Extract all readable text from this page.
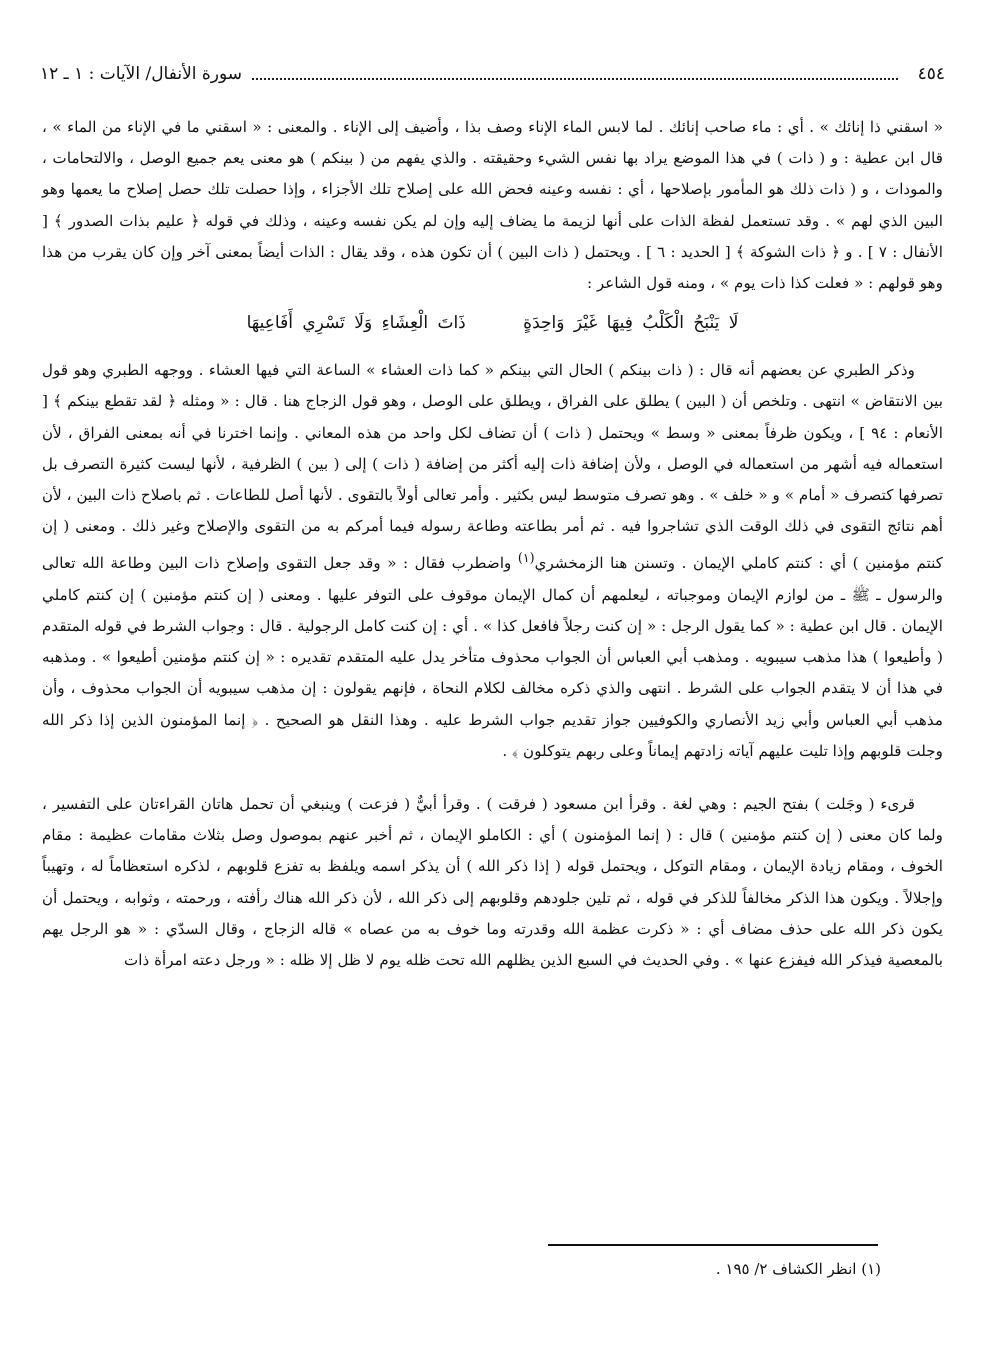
٤٥٤
سورة الأنفال/ الآيات : ١ ـ ١٢

« اسقني ذا إنائك » . أي : ماء صاحب إنائك . لما لابس الماء الإناء وصف بذا ، وأضيف إلى الإناء . والمعنى : « اسقني ما في الإناء من الماء » ، قال ابن عطية : و ( ذات ) في هذا الموضع يراد بها نفس الشيء وحقيقته . والذي يفهم من ( بينكم ) هو معنى يعم جميع الوصل ، والالتحامات ، والمودات ، و ( ذات ذلك هو المأمور بإصلاحها ، أي : نفسه وعينه فحض الله على إصلاح تلك الأجزاء ، وإذا حصلت تلك حصل إصلاح ما يعمها وهو البين الذي لهم » . وقد تستعمل لفظة الذات على أنها لزيمة ما يضاف إليه وإن لم يكن نفسه وعينه ، وذلك في قوله ﴿ عليم بذات الصدور ﴾ [ الأنفال : ٧ ] . و ﴿ ذات الشوكة ﴾ [ الحديد : ٦ ] . ويحتمل ( ذات البين ) أن تكون هذه ، وقد يقال : الذات أيضاً بمعنى آخر وإن كان يقرب من هذا وهو قولهم : « فعلت كذا ذات يوم » ، ومنه قول الشاعر :

لَا يَنْبَحُ الْكَلْبُ فِيهَا غَيْرَ وَاحِدَةٍ ذَاتَ الْعِشَاءِ وَلَا تَسْرِي أَفَاعِيهَا

وذكر الطبري عن بعضهم أنه قال : ( ذات بينكم ) الحال التي بينكم « كما ذات العشاء » الساعة التي فيها العشاء . ووجهه الطبري وهو قول بين الانتقاض » انتهى . وتلخص أن ( البين ) يطلق على الفراق ، ويطلق على الوصل ، وهو قول الزجاج هنا . قال : « ومثله ﴿ لقد تقطع بينكم ﴾ [ الأنعام : ٩٤ ] ، ويكون ظرفاً بمعنى « وسط » ويحتمل ( ذات ) أن تضاف لكل واحد من هذه المعاني . وإنما اخترنا في أنه بمعنى الفراق ، لأن استعماله فيه أشهر من استعماله في الوصل ، ولأن إضافة ذات إليه أكثر من إضافة ( ذات ) إلى ( بين ) الظرفية ، لأنها ليست كثيرة التصرف بل تصرفها كتصرف « أمام » و « خلف » . وهو تصرف متوسط ليس بكثير . وأمر تعالى أولاً بالتقوى . لأنها أصل للطاعات . ثم باصلاح ذات البين ، لأن أهم نتائج التقوى في ذلك الوقت الذي تشاجروا فيه . ثم أمر بطاعته وطاعة رسوله فيما أمركم به من التقوى والإصلاح وغير ذلك . ومعنى ( إن كنتم مؤمنين ) أي : كنتم كاملي الإيمان . وتسنن هنا الزمخشري$^{(١)}$ واضطرب فقال : « وقد جعل التقوى وإصلاح ذات البين وطاعة الله تعالى والرسول ـ ﷺ ـ من لوازم الإيمان وموجباته ، ليعلمهم أن كمال الإيمان موقوف على التوفر عليها . ومعنى ( إن كنتم مؤمنين ) إن كنتم كاملي الإيمان . قال ابن عطية : « كما يقول الرجل : « إن كنت رجلاً فافعل كذا » . أي : إن كنت كامل الرجولية . قال : وجواب الشرط في قوله المتقدم ( وأطيعوا ) هذا مذهب سيبويه . ومذهب أبي العباس أن الجواب محذوف متأخر يدل عليه المتقدم تقديره : « إن كنتم مؤمنين أطيعوا » . ومذهبه في هذا أن لا يتقدم الجواب على الشرط . انتهى والذي ذكره مخالف لكلام النحاة ، فإنهم يقولون : إن مذهب سيبويه أن الجواب محذوف ، وأن مذهب أبي العباس وأبي زيد الأنصاري والكوفيين جواز تقديم جواب الشرط عليه . وهذا النقل هو الصحيح . ﴿ إنما المؤمنون الذين إذا ذكر الله وجلت قلوبهم وإذا تليت عليهم آياته زادتهم إيماناً وعلى ربهم يتوكلون ﴾ .

قرىء ( وجَلت ) بفتح الجيم : وهي لغة . وقرأ ابن مسعود ( فرقت ) . وقرأ أبيٌّ ( فزعت ) وينبغي أن تحمل هاتان القراءتان على التفسير ، ولما كان معنى ( إن كنتم مؤمنين ) قال : ( إنما المؤمنون ) أي : الكاملو الإيمان ، ثم أخبر عنهم بموصول وصل بثلاث مقامات عظيمة : مقام الخوف ، ومقام زيادة الإيمان ، ومقام التوكل ، ويحتمل قوله ( إذا ذكر الله ) أن يذكر اسمه ويلفظ به تفزع قلوبهم ، لذكره استعظاماً له ، وتهيباً وإجلالاً . ويكون هذا الذكر مخالفاً للذكر في قوله ، ثم تلين جلودهم وقلوبهم إلى ذكر الله ، لأن ذكر الله هناك رأفته ، ورحمته ، وثوابه ، ويحتمل أن يكون ذكر الله على حذف مضاف أي : « ذكرت عظمة الله وقدرته وما خوف به من عصاه » قاله الزجاج ، وقال السدّي : « هو الرجل يهم بالمعصية فيذكر الله فيفزع عنها » . وفي الحديث في السبع الذين يظلهم الله تحت ظله يوم لا ظل إلا ظله : « ورجل دعته امرأة ذات

(١) انظر الكشاف ٢/ ١٩٥ .
